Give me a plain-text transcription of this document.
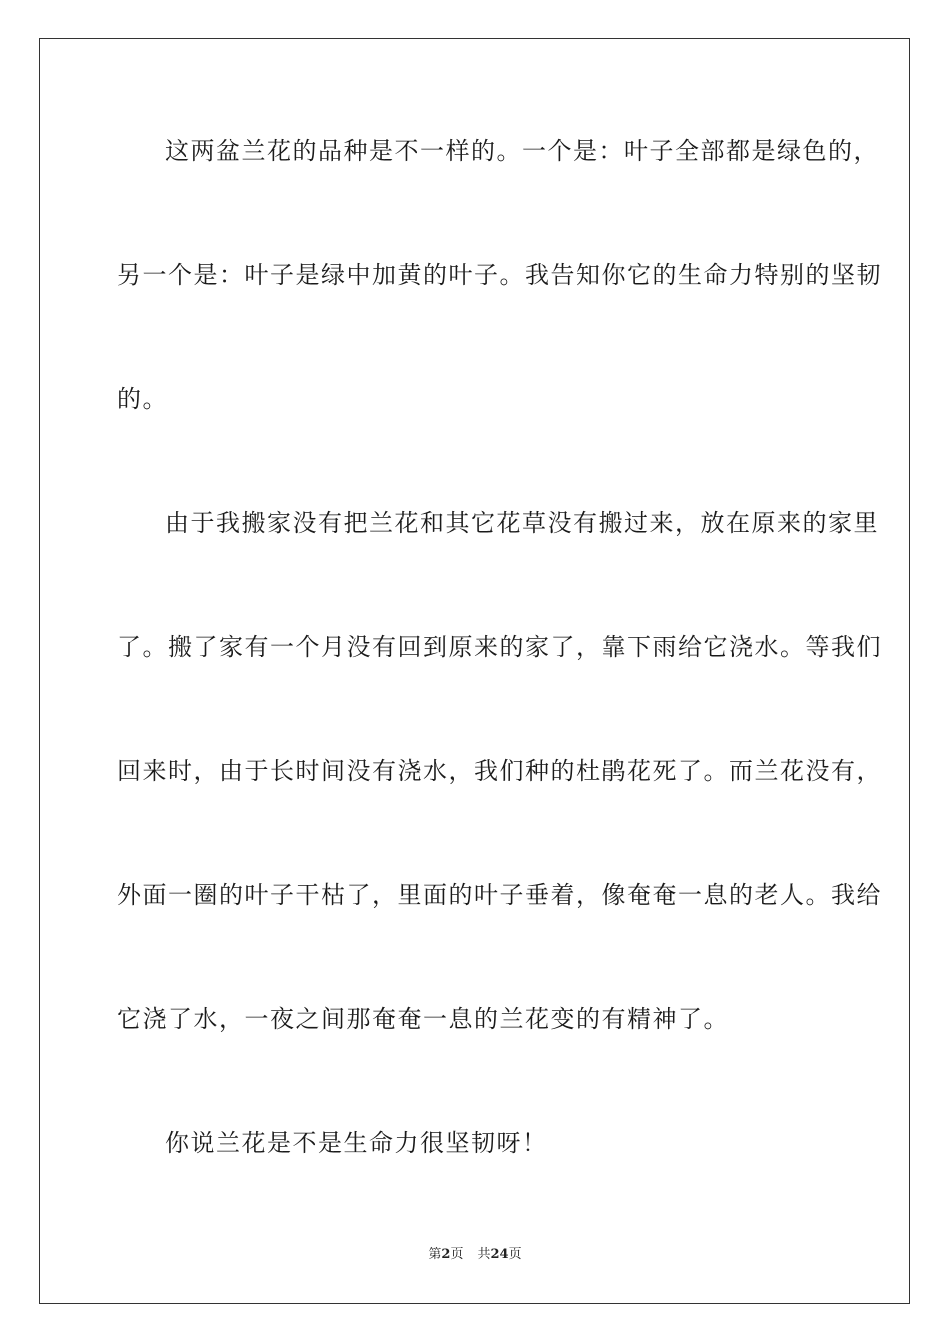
这两盆兰花的品种是不一样的。一个是：叶子全部都是绿色的，
另一个是：叶子是绿中加黄的叶子。我告知你它的生命力特别的坚韧
的。
由于我搬家没有把兰花和其它花草没有搬过来，放在原来的家里
了。搬了家有一个月没有回到原来的家了，靠下雨给它浇水。等我们
回来时，由于长时间没有浇水，我们种的杜鹃花死了。而兰花没有，
外面一圈的叶子干枯了，里面的叶子垂着，像奄奄一息的老人。我给
它浇了水，一夜之间那奄奄一息的兰花变的有精神了。
你说兰花是不是生命力很坚韧呀！
第2页 共24页
